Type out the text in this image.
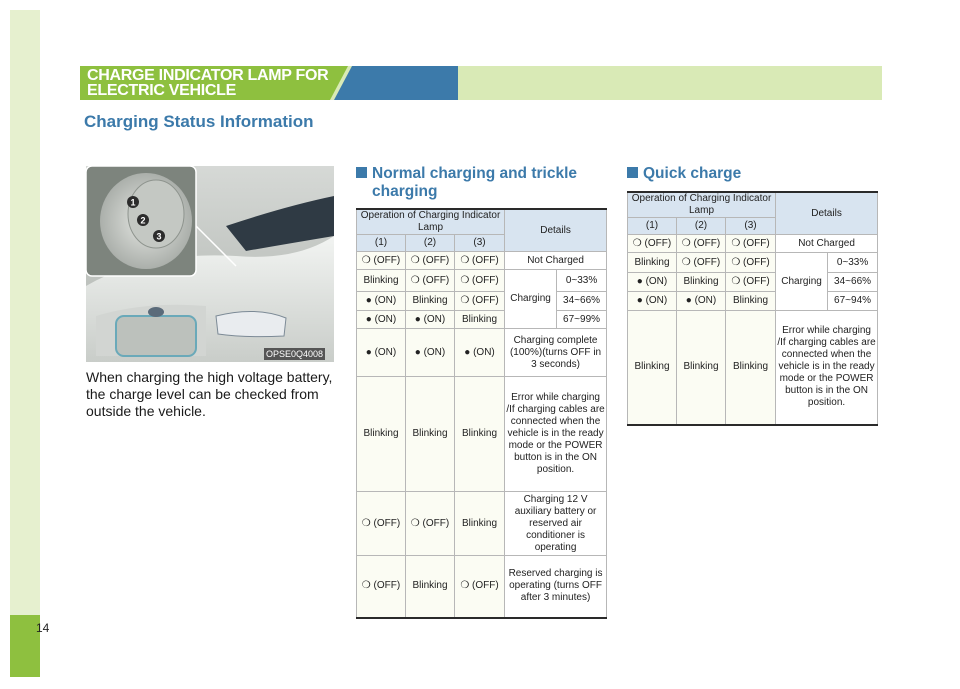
14
CHARGE INDICATOR LAMP FOR
ELECTRIC VEHICLE
Charging Status Information
1
2
3
OPSE0Q4008
When charging the high voltage battery, the charge level can be checked from outside the vehicle.
Normal charging and trickle
charging
Operation of Charging Indicator Lamp			Details	
(1)	(2)	(3)		
❍ (OFF)	❍ (OFF)	❍ (OFF)	Not Charged	
Blinking	❍ (OFF)	❍ (OFF)	Charging	0~33%
● (ON)	Blinking	❍ (OFF)		34~66%
● (ON)	● (ON)	Blinking		67~99%
● (ON)	● (ON)	● (ON)	Charging complete (100%)(turns OFF in 3 seconds)	
Blinking	Blinking	Blinking	Error while charging /If charging cables are connected when the vehicle is in the ready mode or the POWER button is in the ON position.	
❍ (OFF)	❍ (OFF)	Blinking	Charging 12 V auxiliary battery or reserved air conditioner is operating	
❍ (OFF)	Blinking	❍ (OFF)	Reserved charging is operating (turns OFF after 3 minutes)	
Quick charge
Operation of Charging Indicator Lamp			Details	
(1)	(2)	(3)		
❍ (OFF)	❍ (OFF)	❍ (OFF)	Not Charged	
Blinking	❍ (OFF)	❍ (OFF)	Charging	0~33%
● (ON)	Blinking	❍ (OFF)		34~66%
● (ON)	● (ON)	Blinking		67~94%
Blinking	Blinking	Blinking	Error while charging /If charging cables are connected when the vehicle is in the ready mode or the POWER button is in the ON position.	
